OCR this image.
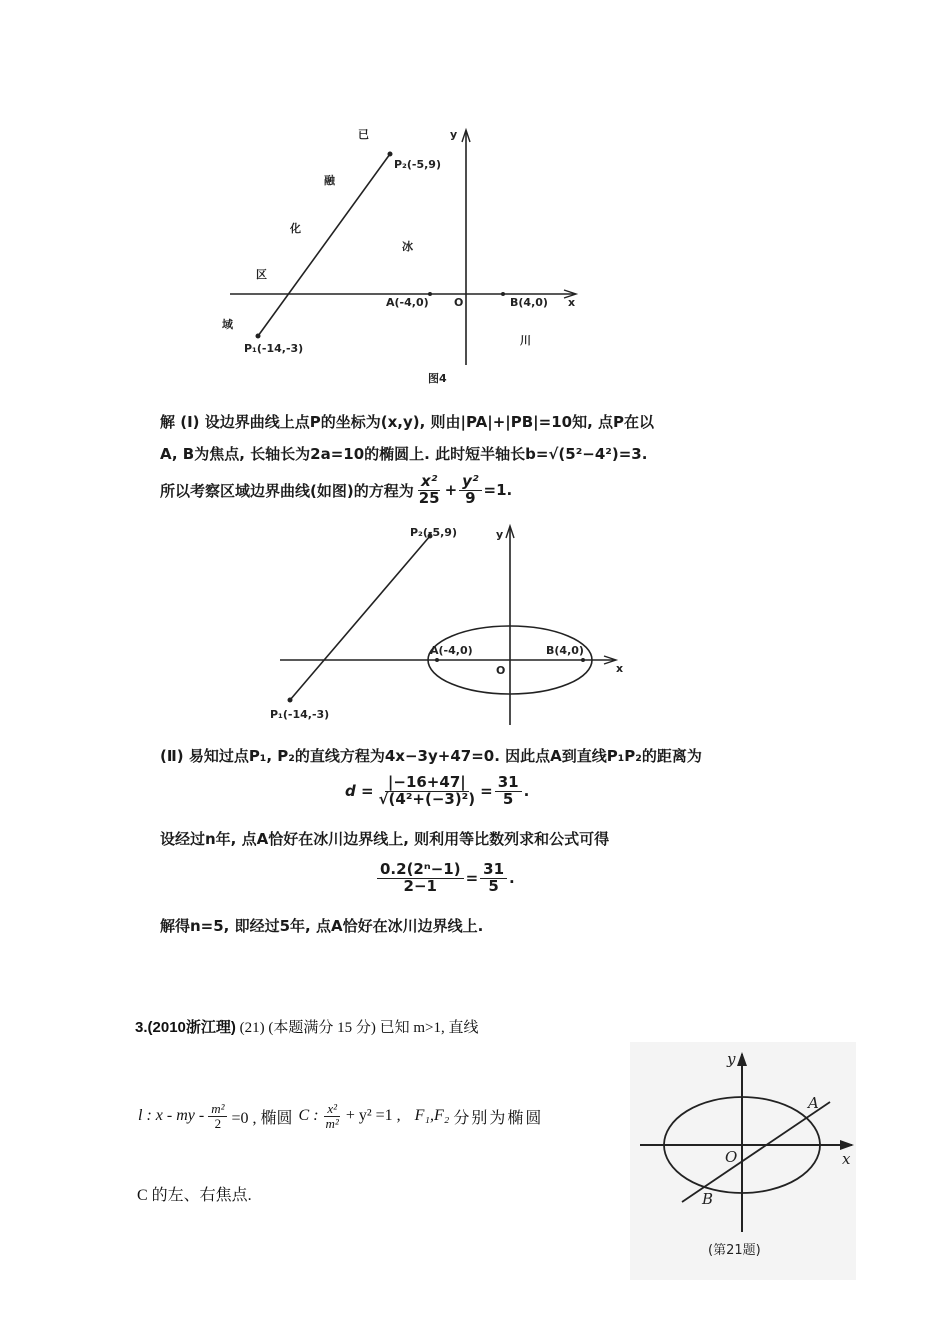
y
x
O
P₂(-5,9)
P₁(-14,-3)
A(-4,0)	B(4,0)
已
融
化
区
域
冰
川
图4
解 (Ⅰ) 设边界曲线上点P的坐标为(x,y), 则由|PA|+|PB|=10知, 点P在以
A, B为焦点, 长轴长为2a=10的椭圆上. 此时短半轴长b=√(5²−4²)=3.
所以考察区域边界曲线(如图)的方程为 $\frac{\text{x²}}{25} + \frac{\text{y²}}{9} =1$.
y
x
O
P₂(-5,9)
P₁(-14,-3)
A(-4,0)	B(4,0)
(Ⅱ) 易知过点P₁, P₂的直线方程为4x−3y+47=0. 因此点A到直线P₁P₂的距离为
$d = \frac{|-16+47|}{\text{√(4²+(−3)²)}} = \frac{31}{5}$ .
设经过n年, 点A恰好在冰川边界线上, 则利用等比数列求和公式可得
$\frac{\text{0.2(2ⁿ−1)}}{2-1} = \frac{31}{5}$ .
解得n=5, 即经过5年, 点A恰好在冰川边界线上.
3.(2010浙江理) (21) (本题满分 15 分) 已知 m>1, 直线
l : x - my - $\frac{\text{m²}}{2} =0$ , 椭圆 C : $\frac{\text{x²}}{\text{m²}} + y^2 =1$ , F₁,F₂ 分别为椭圆
C 的左、右焦点.
y
x
O
A
B
(第21题)
